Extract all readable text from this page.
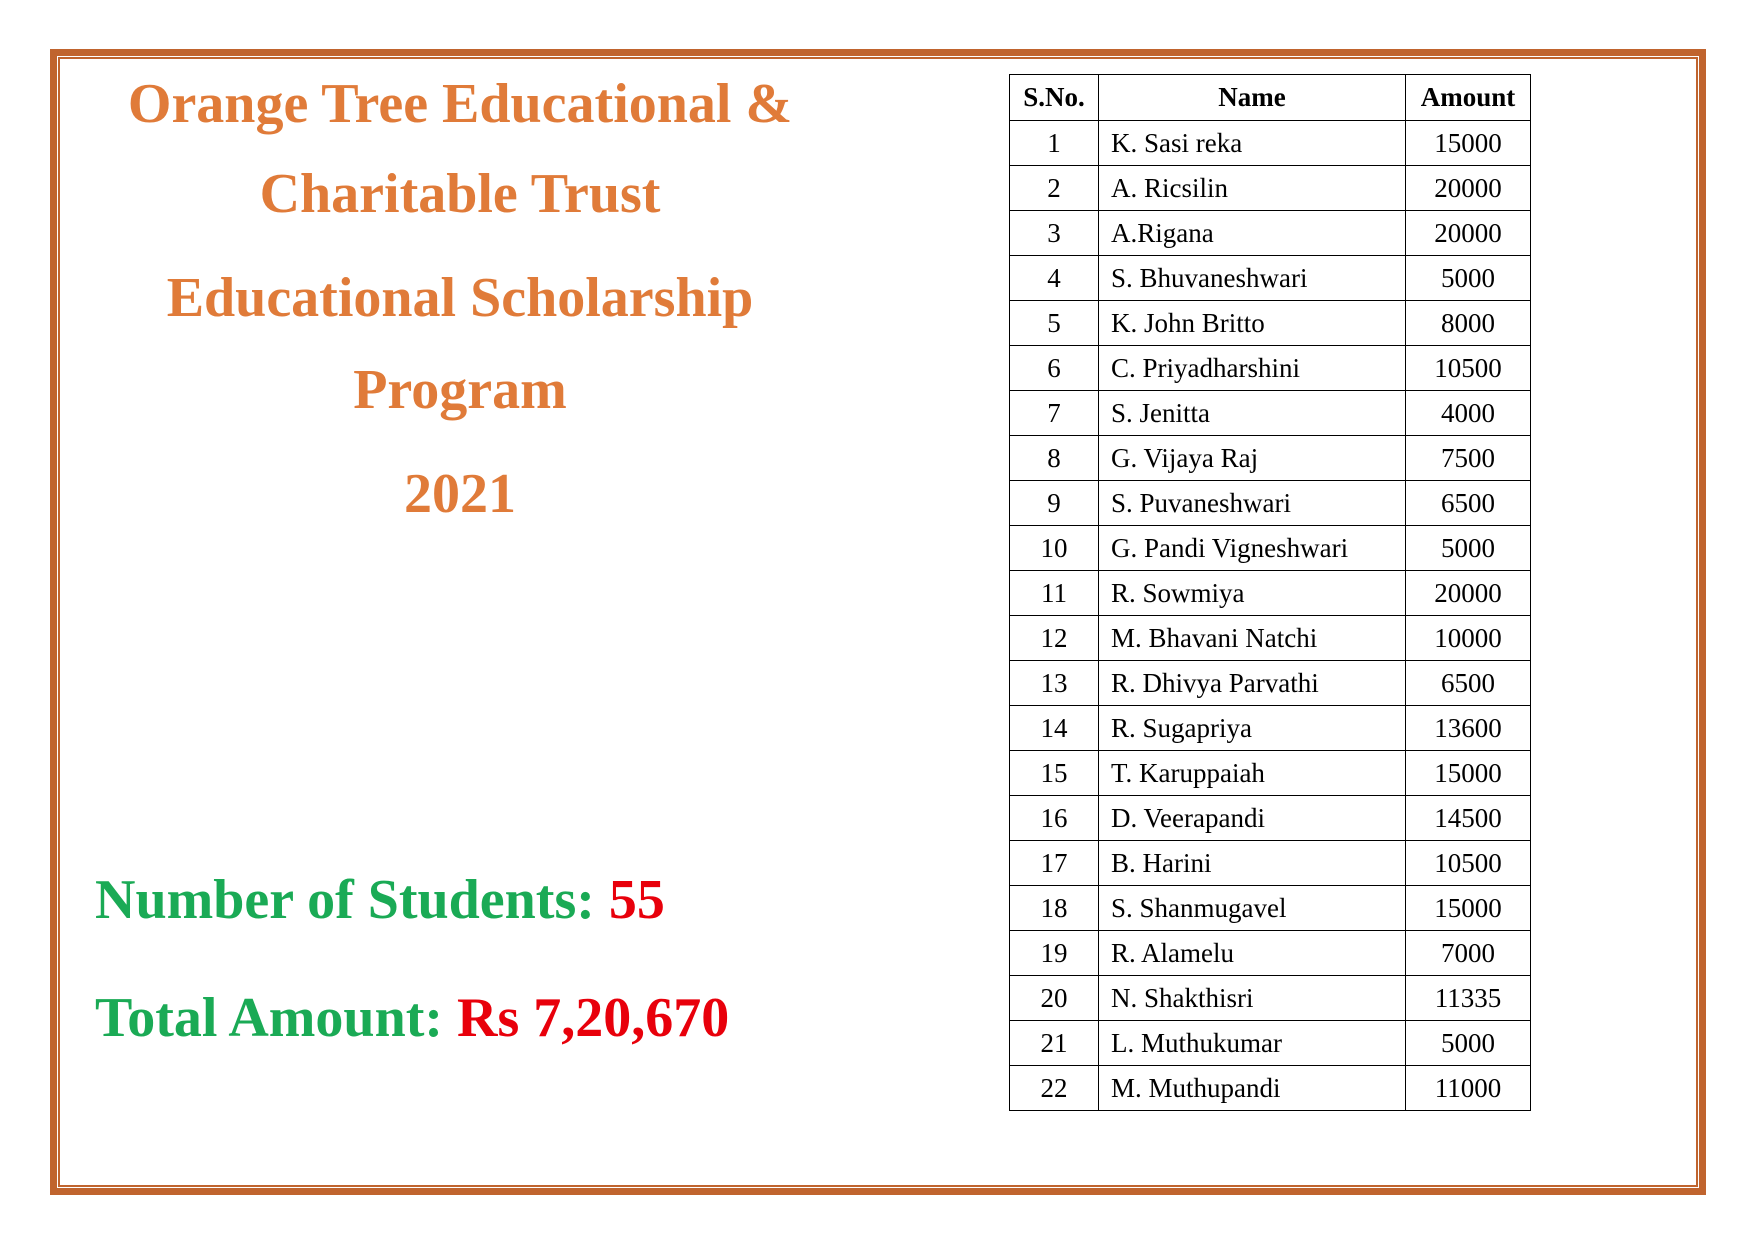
Orange Tree Educational &
Charitable Trust
Educational Scholarship
Program
2021
Number of Students: 55
Total Amount: Rs 7,20,670
S.No.	Name	Amount
1	K. Sasi reka	15000
2	A. Ricsilin	20000
3	A.Rigana	20000
4	S. Bhuvaneshwari	5000
5	K. John Britto	8000
6	C. Priyadharshini	10500
7	S. Jenitta	4000
8	G. Vijaya Raj	7500
9	S. Puvaneshwari	6500
10	G. Pandi Vigneshwari	5000
11	R. Sowmiya	20000
12	M. Bhavani Natchi	10000
13	R. Dhivya Parvathi	6500
14	R. Sugapriya	13600
15	T. Karuppaiah	15000
16	D. Veerapandi	14500
17	B. Harini	10500
18	S. Shanmugavel	15000
19	R. Alamelu	7000
20	N. Shakthisri	11335
21	L. Muthukumar	5000
22	M. Muthupandi	11000
